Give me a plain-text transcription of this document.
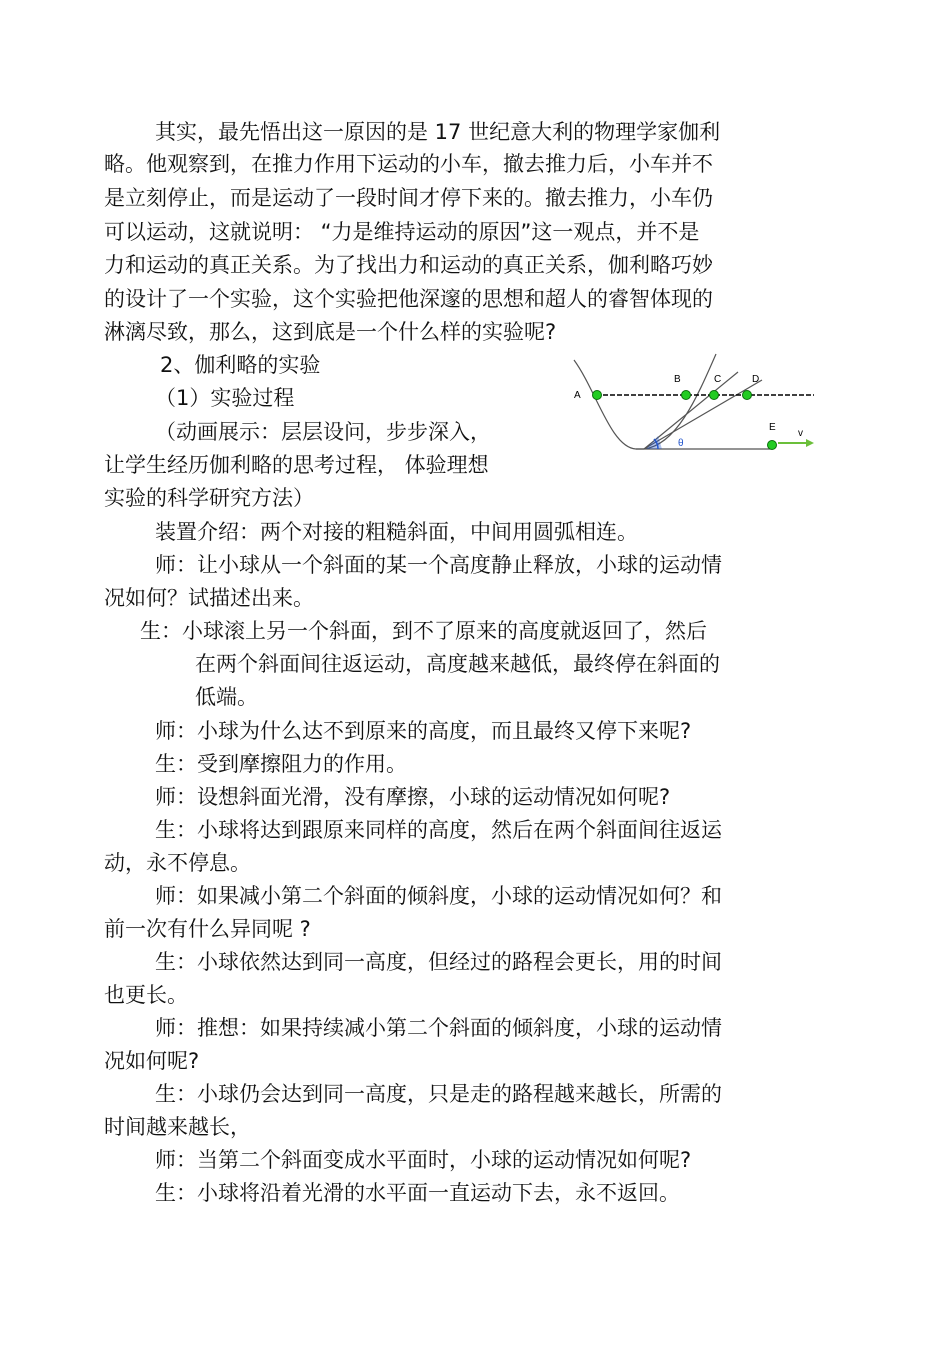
其实，最先悟出这一原因的是 17 世纪意大利的物理学家伽利
略。他观察到，在推力作用下运动的小车，撤去推力后，小车并不
是立刻停止，而是运动了一段时间才停下来的。撤去推力，小车仍
可以运动，这就说明： “力是维持运动的原因”这一观点，并不是
力和运动的真正关系。为了找出力和运动的真正关系，伽利略巧妙
的设计了一个实验，这个实验把他深邃的思想和超人的睿智体现的
淋漓尽致，那么，这到底是一个什么样的实验呢?
2、伽利略的实验
（1）实验过程
（动画展示：层层设问，步步深入，
让学生经历伽利略的思考过程， 体验理想
实验的科学研究方法）
装置介绍：两个对接的粗糙斜面，中间用圆弧相连。
师：让小球从一个斜面的某一个高度静止释放，小球的运动情
况如何？试描述出来。
生：小球滚上另一个斜面，到不了原来的高度就返回了，然后
在两个斜面间往返运动，高度越来越低，最终停在斜面的
低端。
师：小球为什么达不到原来的高度，而且最终又停下来呢?
生：受到摩擦阻力的作用。
师：设想斜面光滑，没有摩擦，小球的运动情况如何呢?
生：小球将达到跟原来同样的高度，然后在两个斜面间往返运
动，永不停息。
师：如果减小第二个斜面的倾斜度，小球的运动情况如何？和
前一次有什么异同呢 ?
生：小球依然达到同一高度，但经过的路程会更长，用的时间
也更长。
师：推想：如果持续减小第二个斜面的倾斜度，小球的运动情
况如何呢?
生：小球仍会达到同一高度，只是走的路程越来越长，所需的
时间越来越长，
师：当第二个斜面变成水平面时，小球的运动情况如何呢?
生：小球将沿着光滑的水平面一直运动下去，永不返回。
A
B	C	D
E
θ
v
